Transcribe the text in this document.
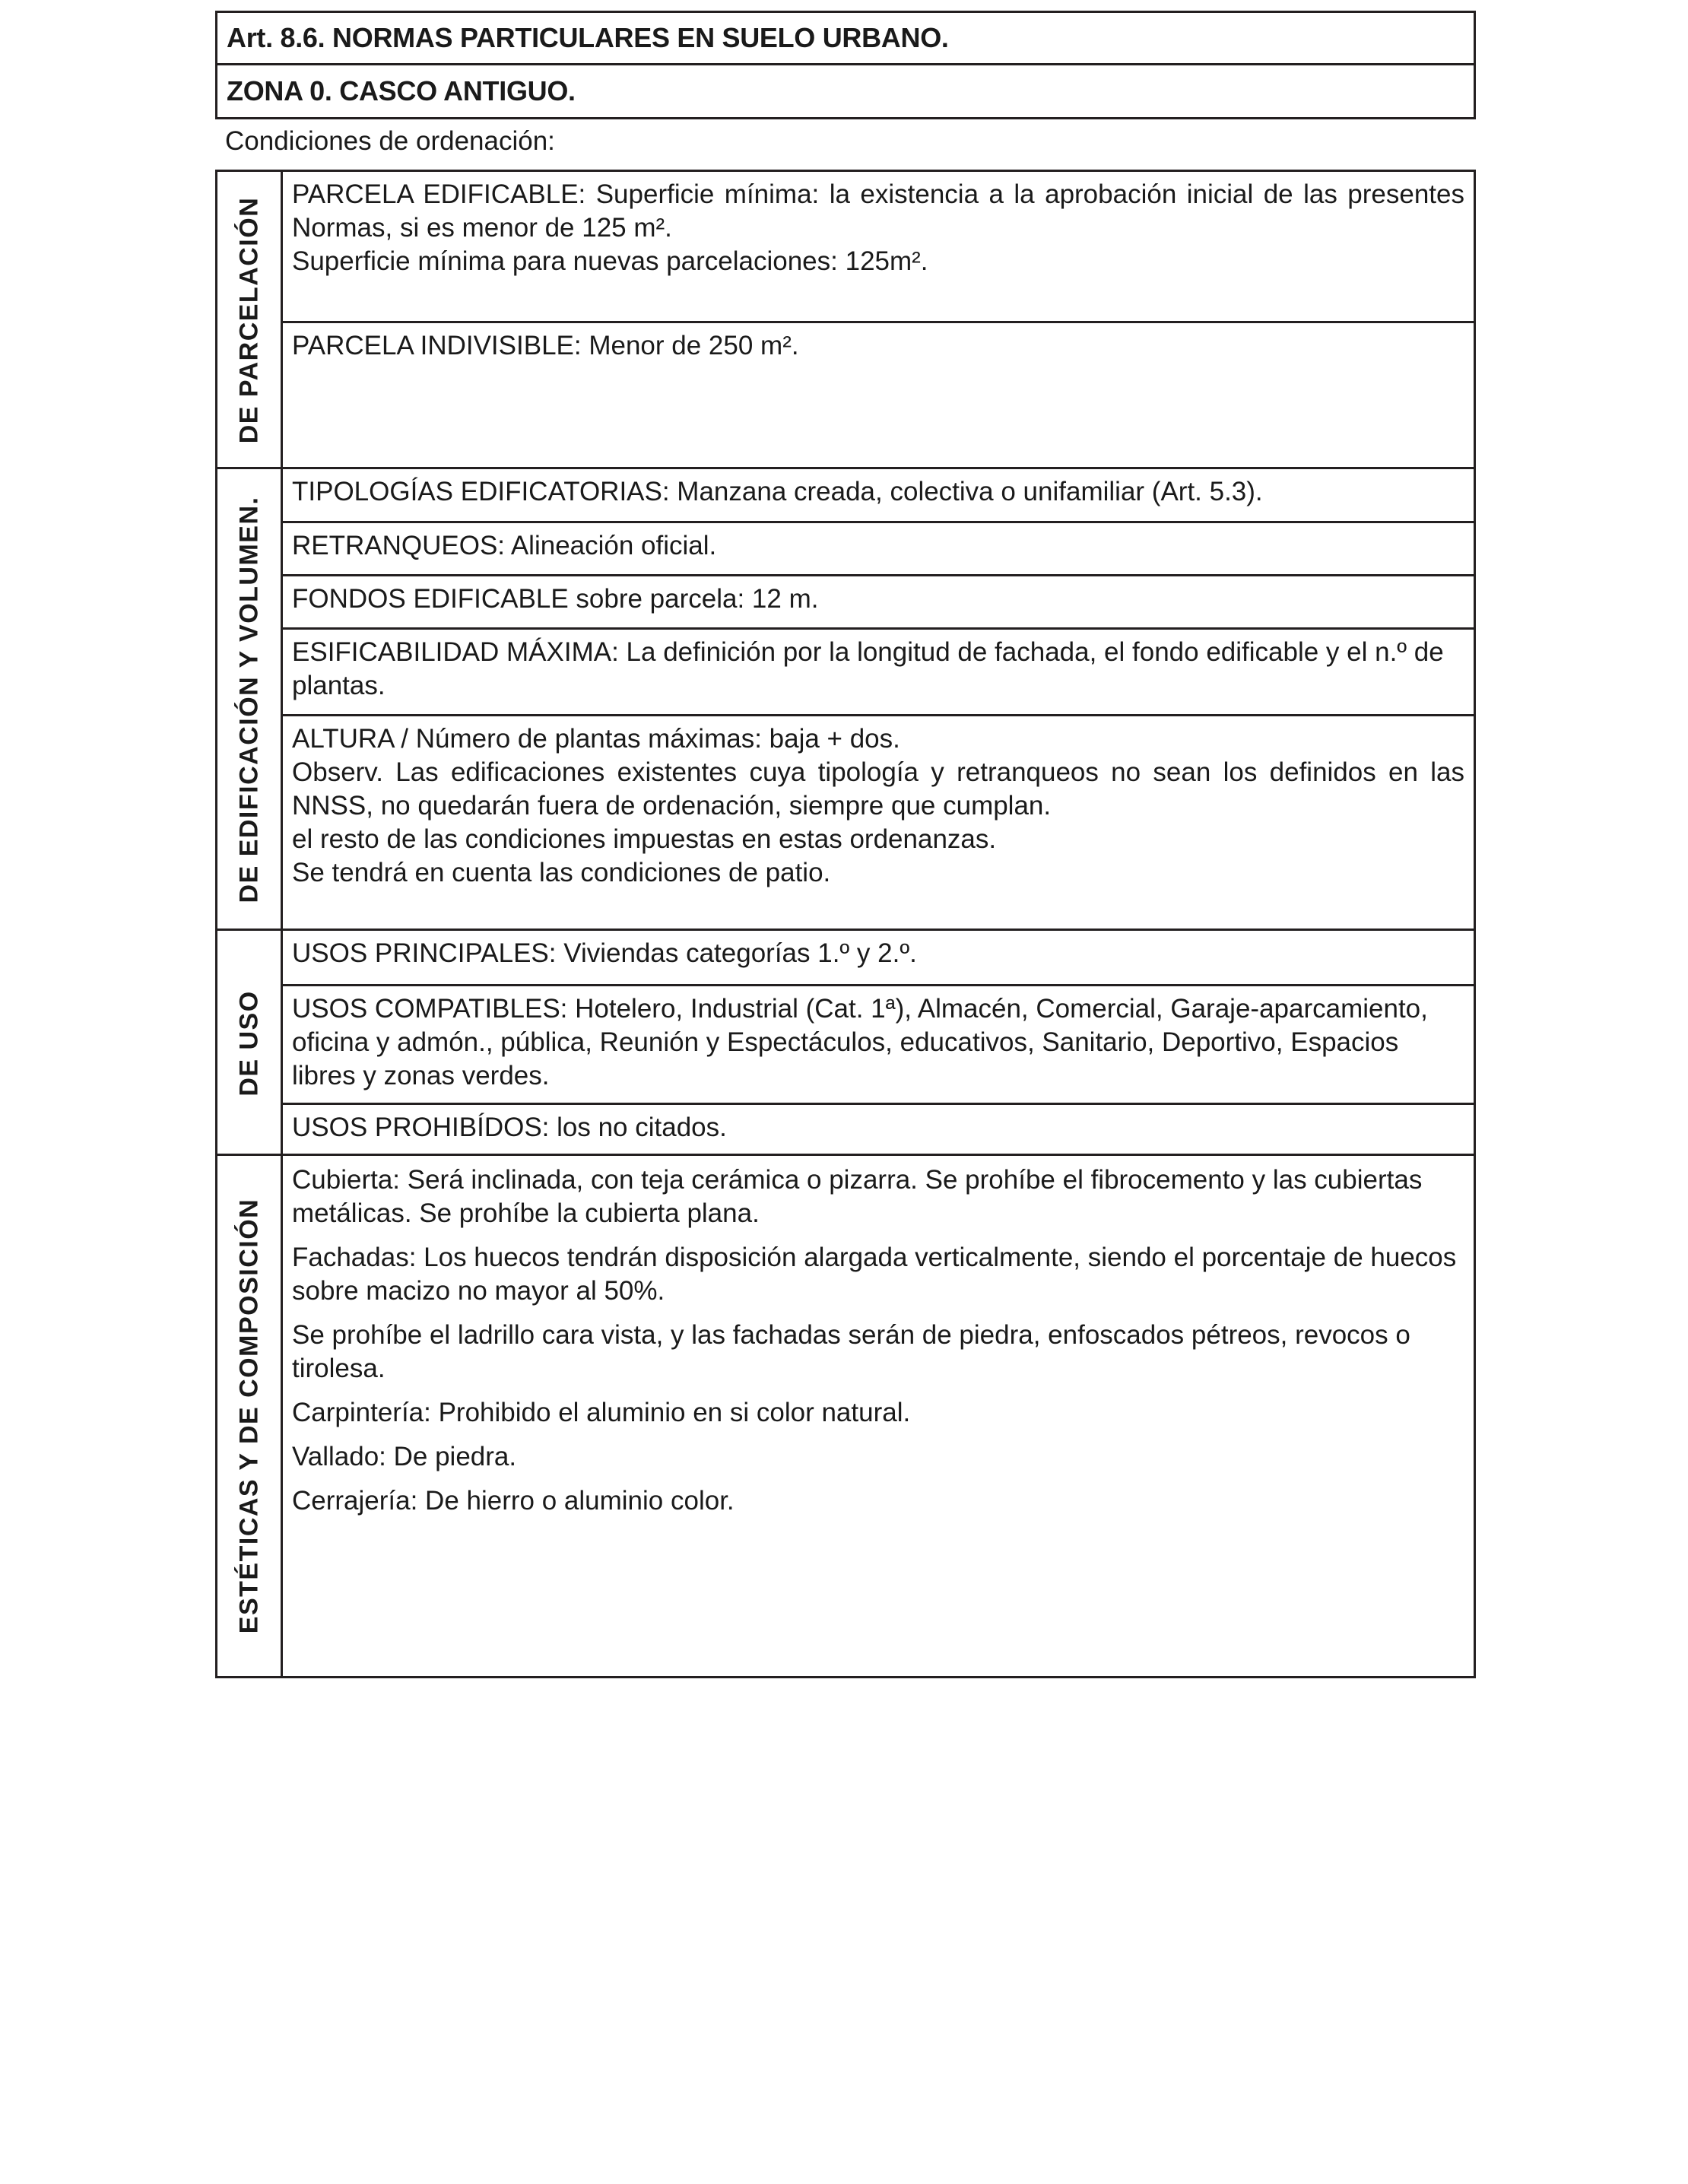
Art. 8.6. NORMAS PARTICULARES EN SUELO URBANO.
ZONA 0. CASCO ANTIGUO.
Condiciones de ordenación:
DE PARCELACIÓN

PARCELA EDIFICABLE: Superficie mínima: la existencia a la aprobación inicial de las presentes Normas, si es menor de 125 m².

Superficie mínima para nuevas parcelaciones: 125m².

PARCELA INDIVISIBLE: Menor de 250 m².

DE EDIFICACIÓN Y VOLUMEN.

TIPOLOGÍAS EDIFICATORIAS: Manzana creada, colectiva o unifamiliar (Art. 5.3).

RETRANQUEOS: Alineación oficial.

FONDOS EDIFICABLE sobre parcela: 12 m.

ESIFICABILIDAD MÁXIMA: La definición por la longitud de fachada, el fondo edificable y el n.º de plantas.

ALTURA / Número de plantas máximas: baja + dos.

Observ. Las edificaciones existentes cuya tipología y retranqueos no sean los definidos en las NNSS, no quedarán fuera de ordenación, siempre que cumplan.

el resto de las condiciones impuestas en estas ordenanzas.

Se tendrá en cuenta las condiciones de patio.

DE USO

USOS PRINCIPALES: Viviendas categorías 1.º y 2.º.

USOS COMPATIBLES: Hotelero, Industrial (Cat. 1ª), Almacén, Comercial, Garaje-aparcamiento, oficina y admón., pública, Reunión y Espectáculos, educativos, Sanitario, Deportivo, Espacios libres y zonas verdes.

USOS PROHIBÍDOS: los no citados.

ESTÉTICAS Y DE COMPOSICIÓN

Cubierta: Será inclinada, con teja cerámica o pizarra. Se prohíbe el fibrocemento y las cubiertas metálicas. Se prohíbe la cubierta plana.

Fachadas: Los huecos tendrán disposición alargada verticalmente, siendo el porcentaje de huecos sobre macizo no mayor al 50%.

Se prohíbe el ladrillo cara vista, y las fachadas serán de piedra, enfoscados pétreos, revocos o tirolesa.

Carpintería: Prohibido el aluminio en si color natural.

Vallado: De piedra.

Cerrajería: De hierro o aluminio color.
